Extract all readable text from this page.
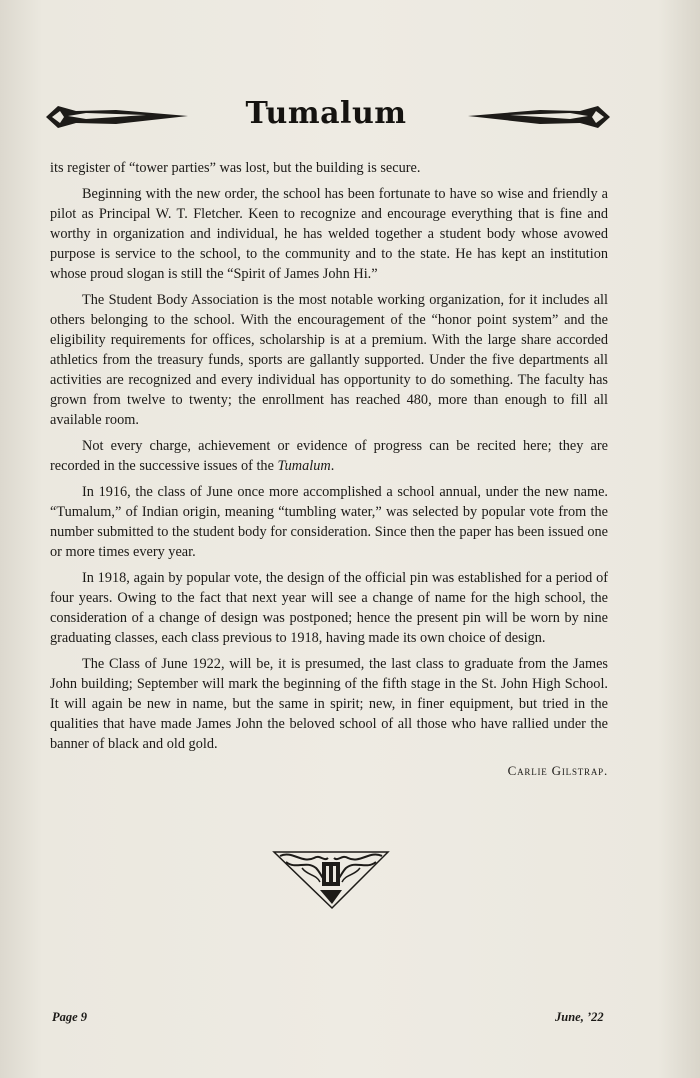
Tumalum

its register of “tower parties” was lost, but the building is secure.

Beginning with the new order, the school has been fortunate to have so wise and friendly a pilot as Principal W. T. Fletcher. Keen to recognize and encourage everything that is fine and worthy in organization and individual, he has welded together a student body whose avowed purpose is service to the school, to the community and to the state. He has kept an institution whose proud slogan is still the “Spirit of James John Hi.”

The Student Body Association is the most notable working organization, for it includes all others belonging to the school. With the encouragement of the “honor point system” and the eligibility requirements for offices, scholarship is at a premium. With the large share accorded athletics from the treasury funds, sports are gallantly supported. Under the five departments all activities are recognized and every individual has opportunity to do something. The faculty has grown from twelve to twenty; the enrollment has reached 480, more than enough to fill all available room.

Not every charge, achievement or evidence of progress can be recited here; they are recorded in the successive issues of the Tumalum.

In 1916, the class of June once more accomplished a school annual, under the new name. “Tumalum,” of Indian origin, meaning “tumbling water,” was selected by popular vote from the number submitted to the student body for consideration. Since then the paper has been issued one or more times every year.

In 1918, again by popular vote, the design of the official pin was established for a period of four years. Owing to the fact that next year will see a change of name for the high school, the consideration of a change of design was postponed; hence the present pin will be worn by nine graduating classes, each class previous to 1918, having made its own choice of design.

The Class of June 1922, will be, it is presumed, the last class to graduate from the James John building; September will mark the beginning of the fifth stage in the St. John High School. It will again be new in name, but the same in spirit; new, in finer equipment, but tried in the qualities that have made James John the beloved school of all those who have rallied under the banner of black and old gold.

Carlie Gilstrap.
Page 9	June, ’22
